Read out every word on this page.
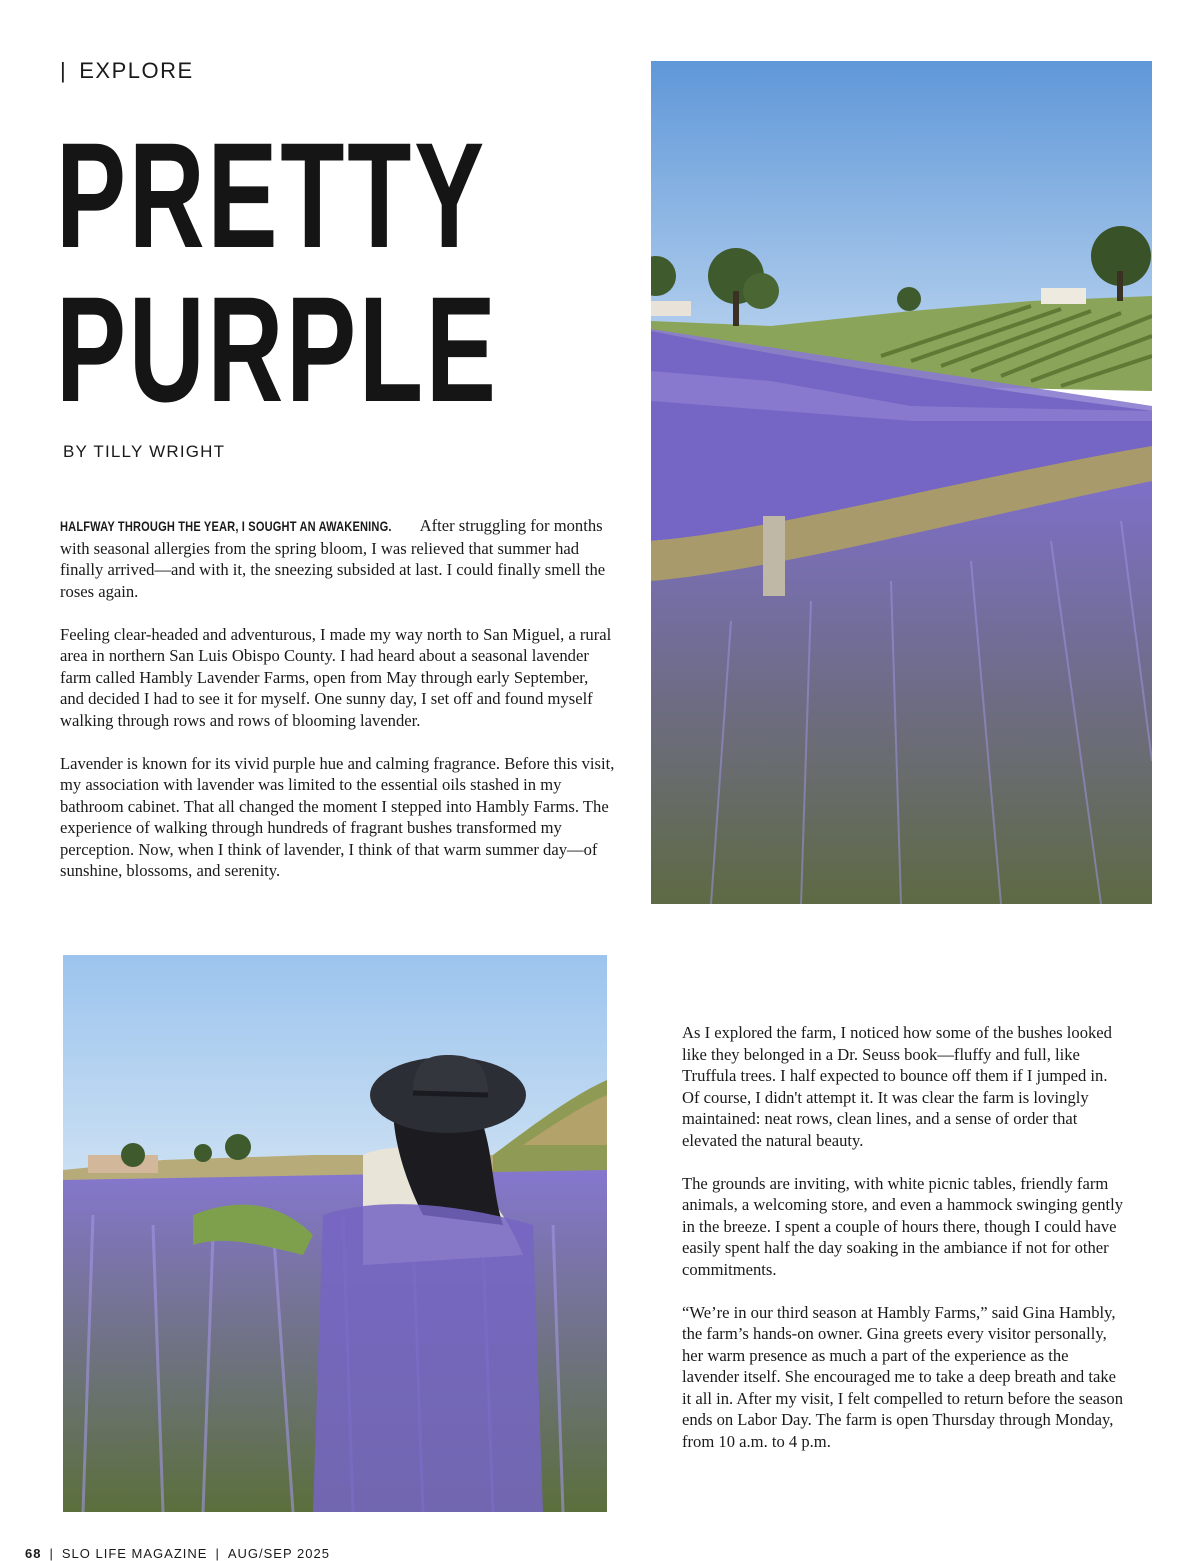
| EXPLORE
PRETTY
PURPLE
BY TILLY WRIGHT

HALFWAY THROUGH THE YEAR, I SOUGHT AN AWAKENING. After struggling for months with seasonal allergies from the spring bloom, I was relieved that summer had finally arrived—and with it, the sneezing subsided at last. I could finally smell the roses again.

Feeling clear-headed and adventurous, I made my way north to San Miguel, a rural area in northern San Luis Obispo County. I had heard about a seasonal lavender farm called Hambly Lavender Farms, open from May through early September, and decided I had to see it for myself. One sunny day, I set off and found myself walking through rows and rows of blooming lavender.

Lavender is known for its vivid purple hue and calming fragrance. Before this visit, my association with lavender was limited to the essential oils stashed in my bathroom cabinet. That all changed the moment I stepped into Hambly Farms. The experience of walking through hundreds of fragrant bushes transformed my perception. Now, when I think of lavender, I think of that warm summer day—of sunshine, blossoms, and serenity.

As I explored the farm, I noticed how some of the bushes looked like they belonged in a Dr. Seuss book—fluffy and full, like Truffula trees. I half expected to bounce off them if I jumped in. Of course, I didn't attempt it. It was clear the farm is lovingly maintained: neat rows, clean lines, and a sense of order that elevated the natural beauty.

The grounds are inviting, with white picnic tables, friendly farm animals, a welcoming store, and even a hammock swinging gently in the breeze. I spent a couple of hours there, though I could have easily spent half the day soaking in the ambiance if not for other commitments.

“We’re in our third season at Hambly Farms,” said Gina Hambly, the farm’s hands-on owner. Gina greets every visitor personally, her warm presence as much a part of the experience as the lavender itself. She encouraged me to take a deep breath and take it all in. After my visit, I felt compelled to return before the season ends on Labor Day. The farm is open Thursday through Monday, from 10 a.m. to 4 p.m.

68 | SLO LIFE MAGAZINE | AUG/SEP 2025
